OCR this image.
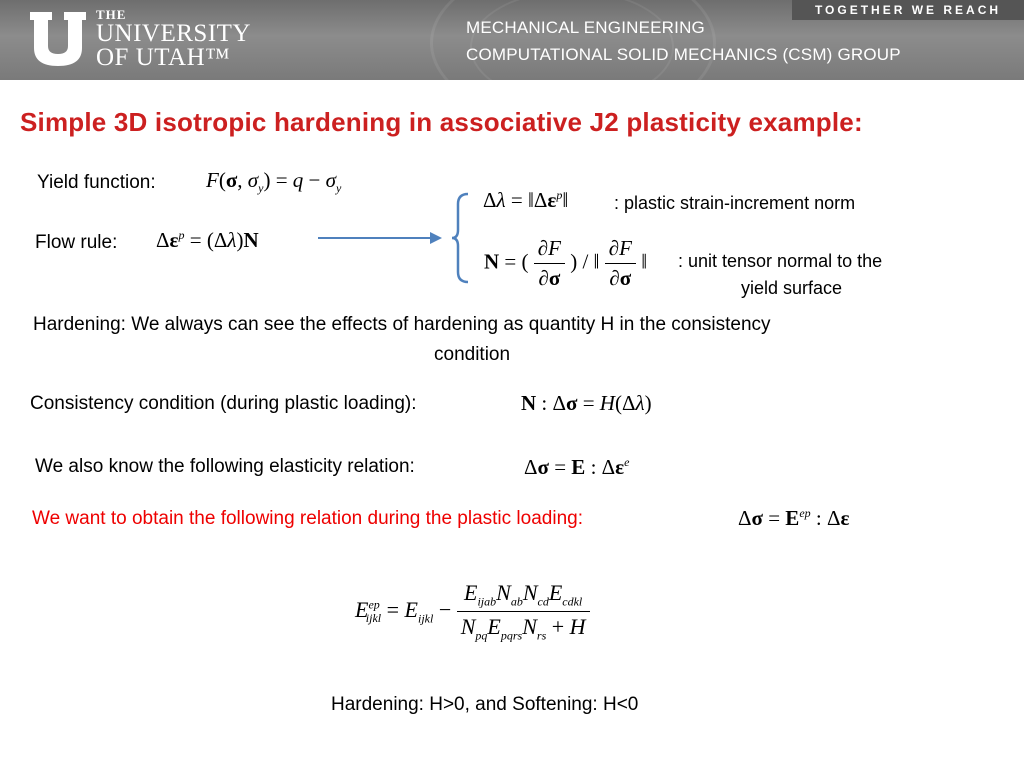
THE
UNIVERSITY
OF UTAH™
MECHANICAL ENGINEERING
COMPUTATIONAL SOLID MECHANICS (CSM) GROUP
TOGETHER WE REACH
Simple 3D isotropic hardening in associative J2 plasticity example:
Yield function: F(σ, $\sigma_y) = q - \sigma_y$
Flow rule: $\Delta\varepsilon^p = (\Delta\lambda)N$
$\Delta\lambda = ‖\Delta\varepsilon^p‖$	: plastic strain-increment norm
N = ( $\frac{\partial F}{\partial\sigma}$ ) / ‖ $\frac{\partial F}{\partial\sigma}$ ‖ : unit tensor normal to the
yield surface
Hardening: We always can see the effects of hardening as quantity H in the consistency
condition
Consistency condition (during plastic loading):	N : Δσ = H(Δλ)
We also know the following elasticity relation:	Δσ = E : $\Delta\varepsilon^e$
We want to obtain the following relation during the plastic loading:	$\Delta\sigma = E^{ep}$ : Δε
$E^{ep}_{ijkl} = E_{ijkl} - \frac{E_{ijab}N_{ab}N_{cd}E_{cdkl}}{N_{pq}E_{pqrs}N_{rs} + H}$
Hardening: H>0, and Softening: H<0
